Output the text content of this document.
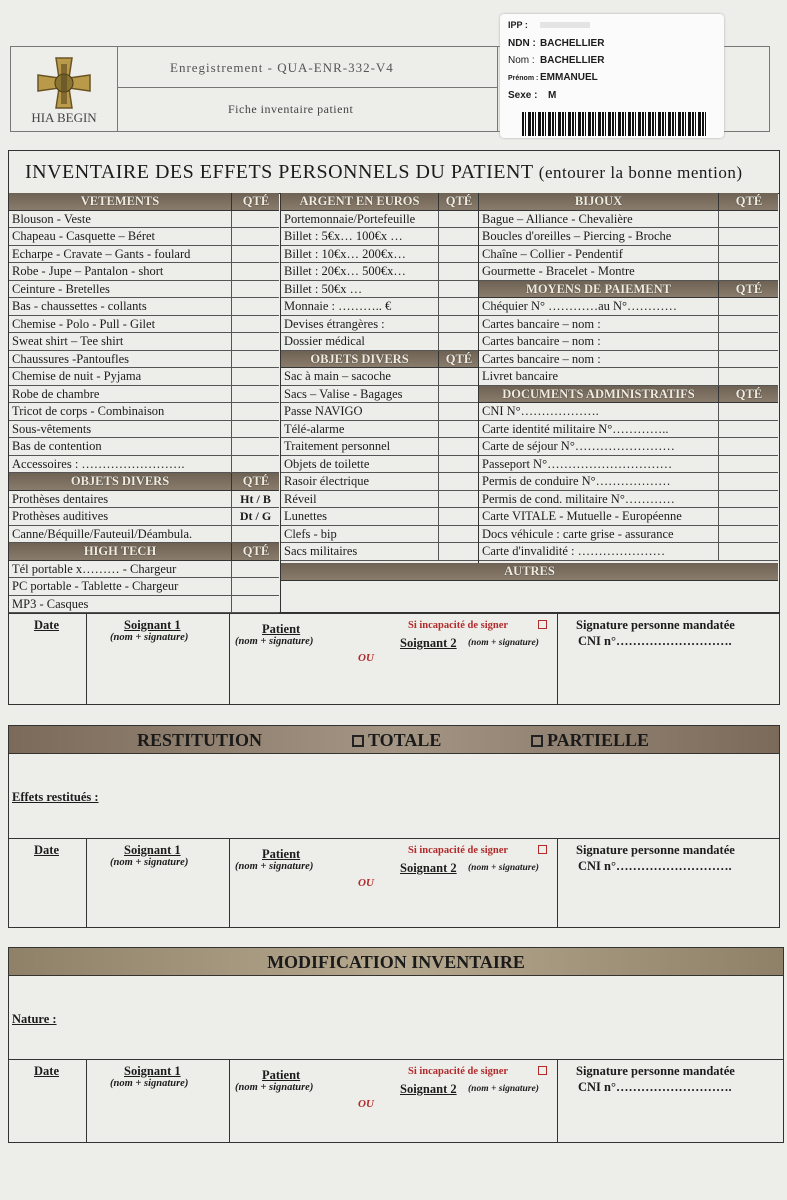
HIA BEGIN
Enregistrement - QUA-ENR-332-V4
Fiche inventaire patient
IPP :
NDN : BACHELLIER
Nom : BACHELLIER
Prénom : EMMANUEL
Sexe : M
INVENTAIRE DES EFFETS PERSONNELS DU PATIENT (entourer la bonne mention)
AUTRES
Date	Soignant 1
(nom + signature)
Patient
(nom + signature)
OU
Si incapacité de signer
Soignant 2 (nom + signature)
Signature personne mandatée
CNI n°……………………….
RESTITUTION	TOTALE	PARTIELLE
Effets restitués :
Date	Soignant 1
(nom + signature)
Patient
(nom + signature)
OU
Si incapacité de signer
Soignant 2 (nom + signature)
Signature personne mandatée
CNI n°……………………….
MODIFICATION INVENTAIRE
Nature :
Date	Soignant 1
(nom + signature)
Patient
(nom + signature)
OU
Si incapacité de signer
Soignant 2 (nom + signature)
Signature personne mandatée
CNI n°……………………….
VETEMENTS	QTÉ
Blouson - Veste
Chapeau - Casquette – Béret
Echarpe - Cravate – Gants - foulard
Robe - Jupe – Pantalon - short
Ceinture - Bretelles
Bas - chaussettes - collants
Chemise - Polo - Pull - Gilet
Sweat shirt – Tee shirt
Chaussures -Pantoufles
Chemise de nuit - Pyjama
Robe de chambre
Tricot de corps - Combinaison
Sous-vêtements
Bas de contention
Accessoires : …………………….
OBJETS DIVERS	QTÉ
Prothèses dentaires	Ht / B
Prothèses auditives	Dt / G
Canne/Béquille/Fauteuil/Déambula.
HIGH TECH	QTÉ
Tél portable x……… - Chargeur
PC portable - Tablette - Chargeur
MP3 - Casques
ARGENT EN EUROS	QTÉ
Portemonnaie/Portefeuille
Billet : 5€x… 100€x …
Billet : 10€x… 200€x…
Billet : 20€x… 500€x…
Billet : 50€x …
Monnaie : ……….. €
Devises étrangères :
Dossier médical
OBJETS DIVERS	QTÉ
Sac à main – sacoche
Sacs – Valise - Bagages
Passe NAVIGO
Télé-alarme
Traitement personnel
Objets de toilette
Rasoir électrique
Réveil
Lunettes
Clefs - bip
Sacs militaires
BIJOUX	QTÉ
Bague – Alliance - Chevalière
Boucles d'oreilles – Piercing - Broche
Chaîne – Collier - Pendentif
Gourmette - Bracelet - Montre
MOYENS DE PAIEMENT	QTÉ
Chéquier N° …………au N°…………
Cartes bancaire – nom :
Cartes bancaire – nom :
Cartes bancaire – nom :
Livret bancaire
DOCUMENTS ADMINISTRATIFS	QTÉ
CNI N°……………….
Carte identité militaire N°…………..
Carte de séjour N°……………………
Passeport N°…………………………
Permis de conduire N°………………
Permis de cond. militaire N°…………
Carte VITALE - Mutuelle - Européenne
Docs véhicule : carte grise - assurance
Carte d'invalidité : …………………
